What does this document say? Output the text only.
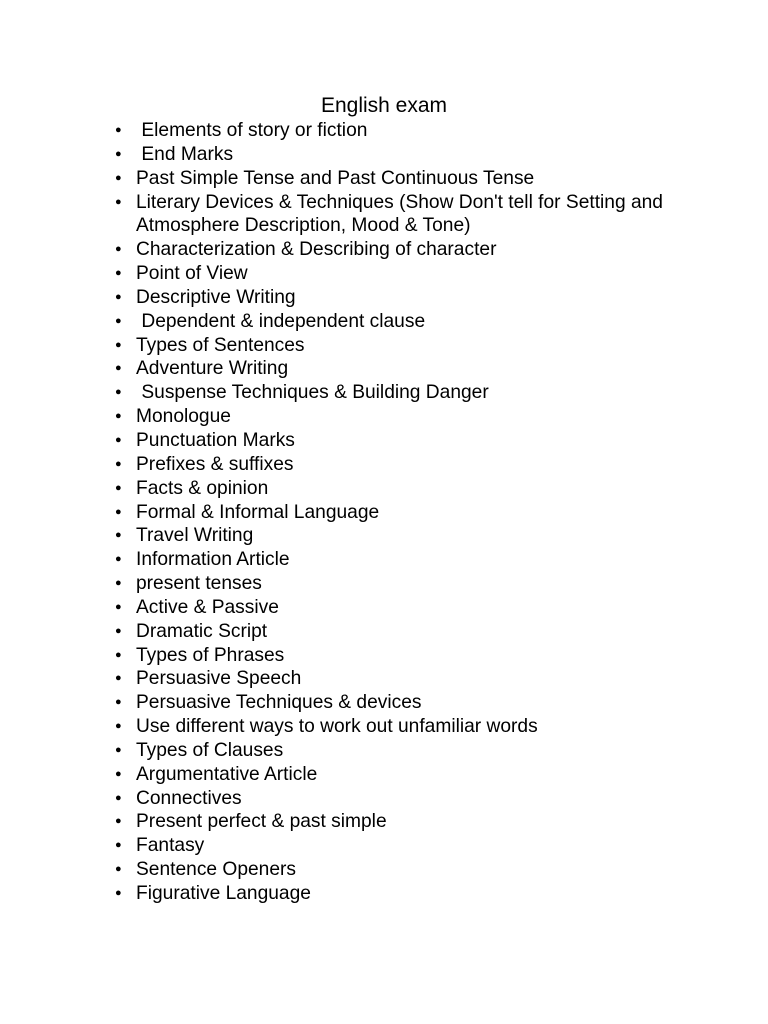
English exam
●
Elements of story or fiction
●
End Marks
●
Past Simple Tense and Past Continuous Tense
●
Literary Devices & Techniques (Show Don't tell for Setting and Atmosphere Description, Mood & Tone)
●
Characterization & Describing of character
●
Point of View
●
Descriptive Writing
●
Dependent & independent clause
●
Types of Sentences
●
Adventure Writing
●
Suspense Techniques & Building Danger
●
Monologue
●
Punctuation Marks
●
Prefixes & suffixes
●
Facts & opinion
●
Formal & Informal Language
●
Travel Writing
●
Information Article
●
present tenses
●
Active & Passive
●
Dramatic Script
●
Types of Phrases
●
Persuasive Speech
●
Persuasive Techniques & devices
●
Use different ways to work out unfamiliar words
●
Types of Clauses
●
Argumentative Article
●
Connectives
●
Present perfect & past simple
●
Fantasy
●
Sentence Openers
●
Figurative Language
